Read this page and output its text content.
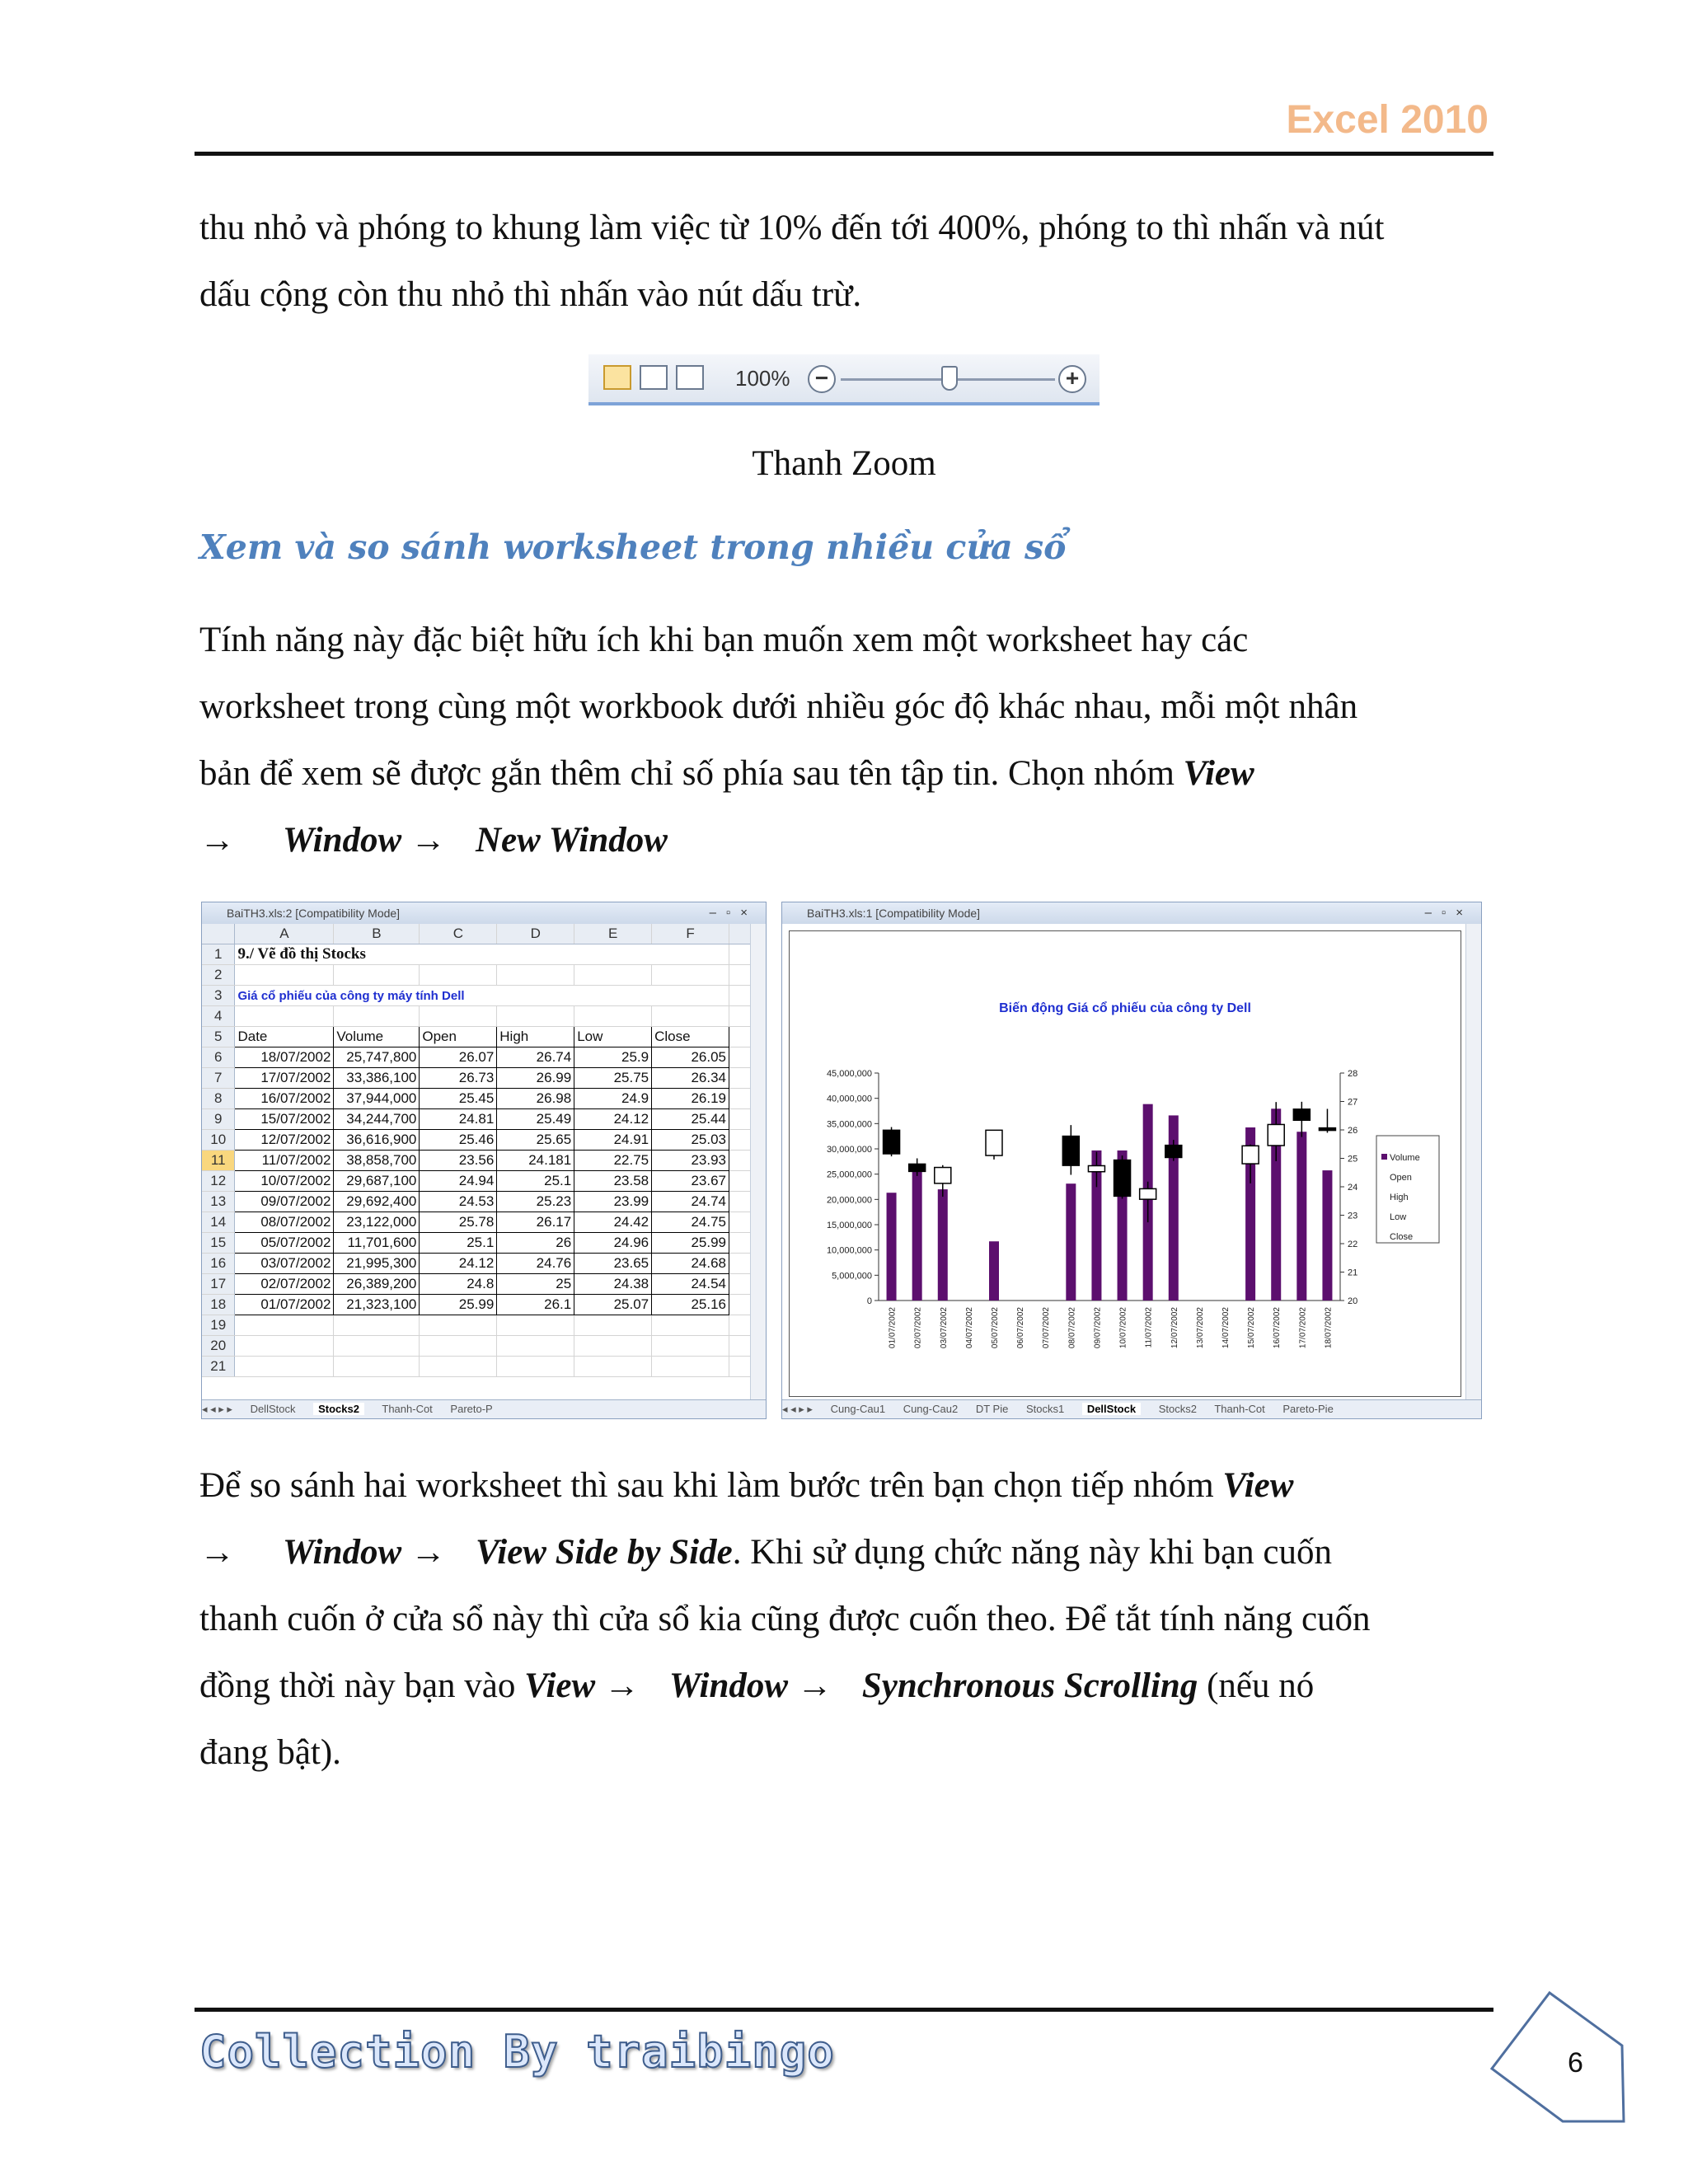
Excel 2010
thu nhỏ và phóng to khung làm việc từ 10% đến tới 400%, phóng to thì nhấn và nút
dấu cộng còn thu nhỏ thì nhấn vào nút dấu trừ.
100%	−	+
Thanh Zoom
Xem và so sánh worksheet trong nhiều cửa sổ
Tính năng này đặc biệt hữu ích khi bạn muốn xem một worksheet hay các
worksheet trong cùng một workbook dưới nhiều góc độ khác nhau, mỗi một nhân
bản để xem sẽ được gắn thêm chỉ số phía sau tên tập tin. Chọn nhóm View
→ Window → New Window
BaiTH3.xls:2 [Compatibility Mode]	–▫×
	A	B	C	D	E	F	
1	9./ Vẽ đồ thị Stocks						
2							
3	Giá cổ phiếu của công ty máy tính Dell						
4							
5	Date	Volume	Open	High	Low	Close	
6	18/07/2002	25,747,800	26.07	26.74	25.9	26.05	
7	17/07/2002	33,386,100	26.73	26.99	25.75	26.34	
8	16/07/2002	37,944,000	25.45	26.98	24.9	26.19	
9	15/07/2002	34,244,700	24.81	25.49	24.12	25.44	
10	12/07/2002	36,616,900	25.46	25.65	24.91	25.03	
11	11/07/2002	38,858,700	23.56	24.181	22.75	23.93	
12	10/07/2002	29,687,100	24.94	25.1	23.58	23.67	
13	09/07/2002	29,692,400	24.53	25.23	23.99	24.74	
14	08/07/2002	23,122,000	25.78	26.17	24.42	24.75	
15	05/07/2002	11,701,600	25.1	26	24.96	25.99	
16	03/07/2002	21,995,300	24.12	24.76	23.65	24.68	
17	02/07/2002	26,389,200	24.8	25	24.38	24.54	
18	01/07/2002	21,323,100	25.99	26.1	25.07	25.16	
19							
20							
21							
◂ ◂ ▸ ▸ DellStock Stocks2 Thanh-Cot Pareto-P
BaiTH3.xls:1 [Compatibility Mode]	–▫×
Biến động Giá cổ phiếu của công ty Dell
45,000,000
40,000,000
35,000,000
30,000,000
25,000,000
20,000,000
15,000,000
10,000,000
5,000,000
0
28
27
26
25
24
23
22
21
20
01/07/2002 02/07/2002 03/07/2002 04/07/2002 05/07/2002 06/07/2002 07/07/2002 08/07/2002 09/07/2002 10/07/2002 11/07/2002 12/07/2002 13/07/2002 14/07/2002 15/07/2002 16/07/2002 17/07/2002 18/07/2002
Volume
Open
High
Low
Close
◂ ◂ ▸ ▸ Cung-Cau1 Cung-Cau2 DT Pie Stocks1 DellStock Stocks2 Thanh-Cot Pareto-Pie
Để so sánh hai worksheet thì sau khi làm bước trên bạn chọn tiếp nhóm View
→ Window → View Side by Side. Khi sử dụng chức năng này khi bạn cuốn
thanh cuốn ở cửa sổ này thì cửa sổ kia cũng được cuốn theo. Để tắt tính năng cuốn
đồng thời này bạn vào View → Window → Synchronous Scrolling (nếu nó
đang bật).
Collection By traibingo	6
